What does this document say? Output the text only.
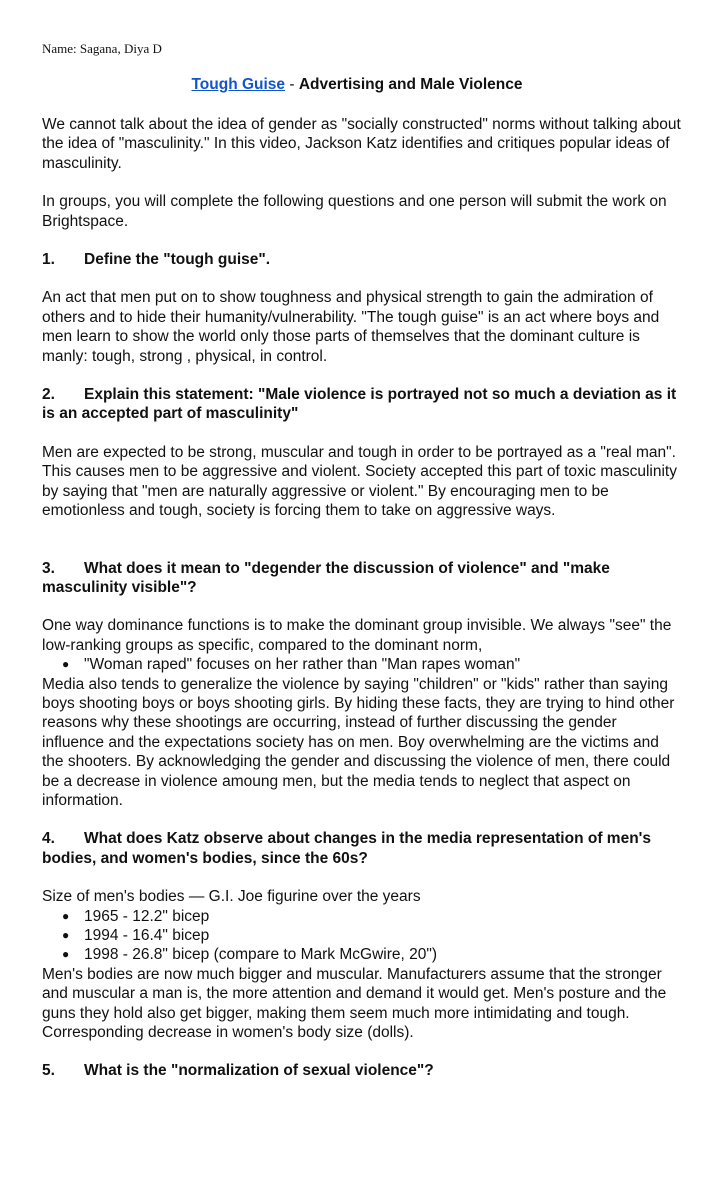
Name: Sagana, Diya D
Tough Guise - Advertising and Male Violence

We cannot talk about the idea of gender as "socially constructed" norms without talking about the idea of "masculinity." In this video, Jackson Katz identifies and critiques popular ideas of masculinity.

In groups, you will complete the following questions and one person will submit the work on Brightspace.

1. Define the "tough guise".

An act that men put on to show toughness and physical strength to gain the admiration of others and to hide their humanity/vulnerability. "The tough guise" is an act where boys and men learn to show the world only those parts of themselves that the dominant culture is manly: tough, strong , physical, in control.

2. Explain this statement: "Male violence is portrayed not so much a deviation as it is an accepted part of masculinity"

Men are expected to be strong, muscular and tough in order to be portrayed as a "real man". This causes men to be aggressive and violent. Society accepted this part of toxic masculinity by saying that "men are naturally aggressive or violent." By encouraging men to be emotionless and tough, society is forcing them to take on aggressive ways.

3. What does it mean to "degender the discussion of violence" and "make masculinity visible"?

One way dominance functions is to make the dominant group invisible. We always "see" the low-ranking groups as specific, compared to the dominant norm,

● "Woman raped" focuses on her rather than "Man rapes woman"

Media also tends to generalize the violence by saying "children" or "kids" rather than saying boys shooting boys or boys shooting girls. By hiding these facts, they are trying to hind other reasons why these shootings are occurring, instead of further discussing the gender influence and the expectations society has on men. Boy overwhelming are the victims and the shooters. By acknowledging the gender and discussing the violence of men, there could be a decrease in violence amoung men, but the media tends to neglect that aspect on information.

4. What does Katz observe about changes in the media representation of men's bodies, and women's bodies, since the 60s?

Size of men's bodies — G.I. Joe figurine over the years

● 1965 - 12.2" bicep
● 1994 - 16.4" bicep
● 1998 - 26.8" bicep (compare to Mark McGwire, 20")

Men's bodies are now much bigger and muscular. Manufacturers assume that the stronger and muscular a man is, the more attention and demand it would get. Men's posture and the guns they hold also get bigger, making them seem much more intimidating and tough. Corresponding decrease in women's body size (dolls).

5. What is the "normalization of sexual violence"?
